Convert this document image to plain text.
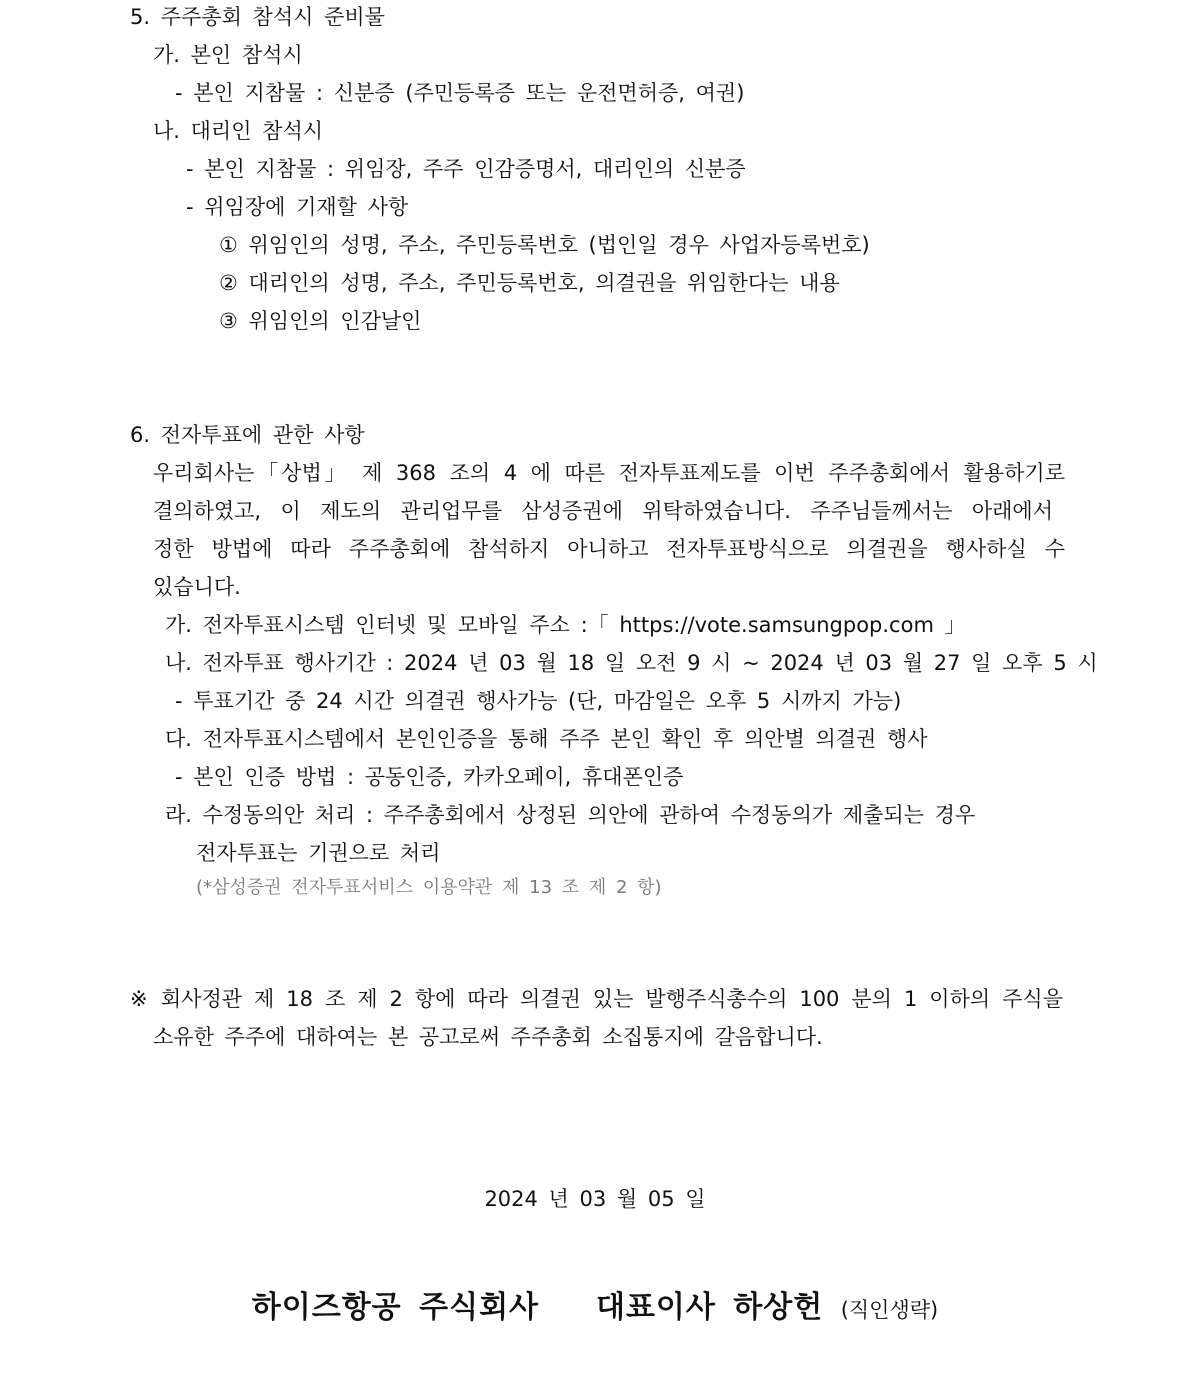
5. 주주총회 참석시 준비물
가. 본인 참석시
- 본인 지참물 : 신분증 (주민등록증 또는 운전면허증, 여권)
나. 대리인 참석시
- 본인 지참물 : 위임장, 주주 인감증명서, 대리인의 신분증
- 위임장에 기재할 사항
① 위임인의 성명, 주소, 주민등록번호 (법인일 경우 사업자등록번호)
② 대리인의 성명, 주소, 주민등록번호, 의결권을 위임한다는 내용
③ 위임인의 인감날인
6. 전자투표에 관한 사항
우리회사는「상법」 제 368 조의 4 에 따른 전자투표제도를 이번 주주총회에서 활용하기로
결의하였고, 이 제도의 관리업무를 삼성증권에 위탁하였습니다. 주주님들께서는 아래에서
정한 방법에 따라 주주총회에 참석하지 아니하고 전자투표방식으로 의결권을 행사하실 수
있습니다.
가. 전자투표시스템 인터넷 및 모바일 주소 :「 https://vote.samsungpop.com 」
나. 전자투표 행사기간 : 2024 년 03 월 18 일 오전 9 시 ~ 2024 년 03 월 27 일 오후 5 시
- 투표기간 중 24 시간 의결권 행사가능 (단, 마감일은 오후 5 시까지 가능)
다. 전자투표시스템에서 본인인증을 통해 주주 본인 확인 후 의안별 의결권 행사
- 본인 인증 방법 : 공동인증, 카카오페이, 휴대폰인증
라. 수정동의안 처리 : 주주총회에서 상정된 의안에 관하여 수정동의가 제출되는 경우
전자투표는 기권으로 처리
(*삼성증권 전자투표서비스 이용약관 제 13 조 제 2 항)
※ 회사정관 제 18 조 제 2 항에 따라 의결권 있는 발행주식총수의 100 분의 1 이하의 주식을
소유한 주주에 대하여는 본 공고로써 주주총회 소집통지에 갈음합니다.
2024 년 03 월 05 일
하이즈항공 주식회사 대표이사 하상헌 (직인생략)
